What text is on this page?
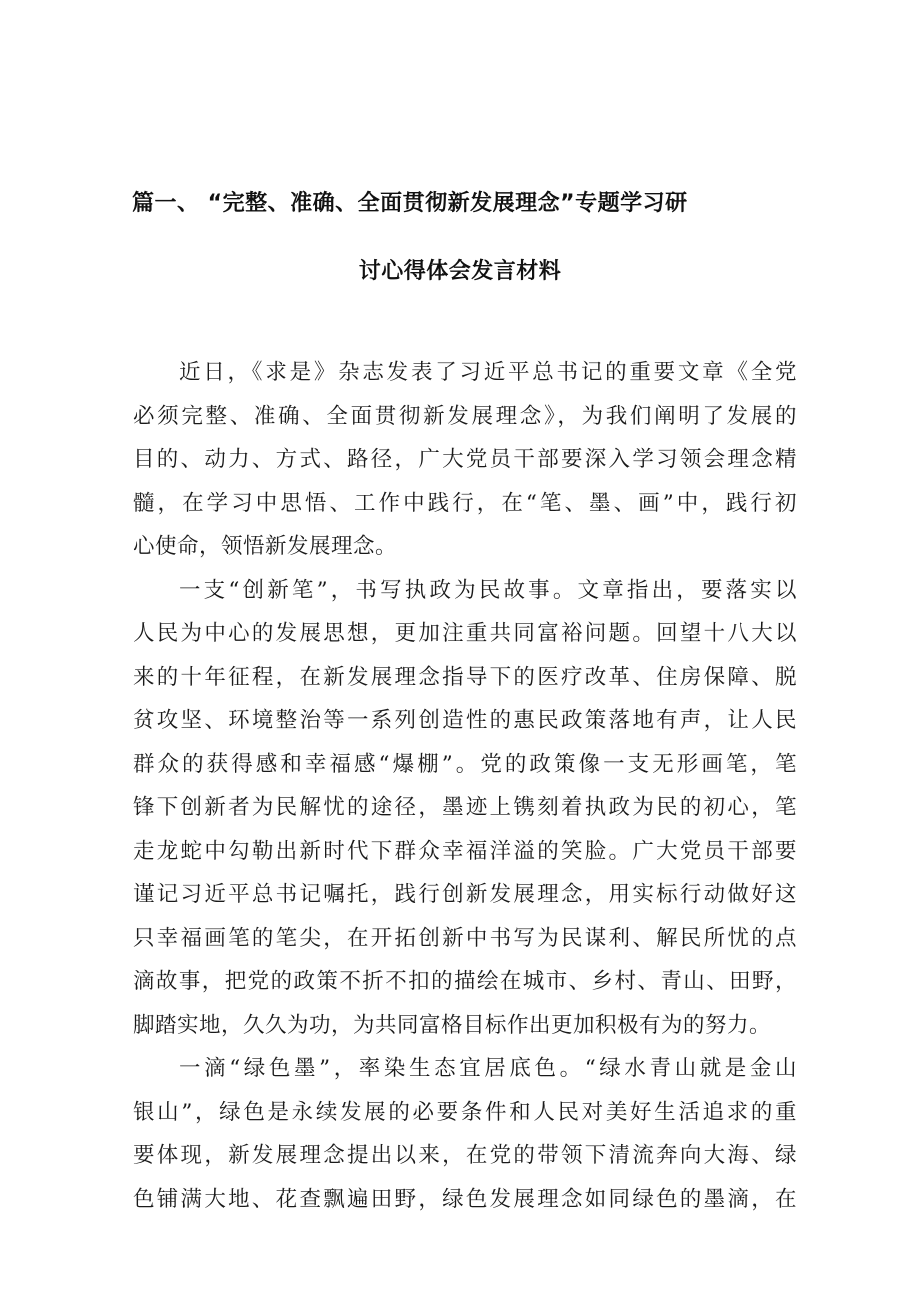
篇一、 “完整、准确、全面贯彻新发展理念”专题学习研
讨心得体会发言材料
近日，《求是》杂志发表了习近平总书记的重要文章《全党
必须完整、准确、全面贯彻新发展理念》，为我们阐明了发展的
目的、动力、方式、路径，广大党员干部要深入学习领会理念精
髓，在学习中思悟、工作中践行，在“笔、墨、画”中，践行初
心使命，领悟新发展理念。
一支“创新笔”，书写执政为民故事。文章指出，要落实以
人民为中心的发展思想，更加注重共同富裕问题。回望十八大以
来的十年征程，在新发展理念指导下的医疗改革、住房保障、脱
贫攻坚、环境整治等一系列创造性的惠民政策落地有声，让人民
群众的获得感和幸福感“爆棚”。党的政策像一支无形画笔，笔
锋下创新者为民解忧的途径，墨迹上镌刻着执政为民的初心，笔
走龙蛇中勾勒出新时代下群众幸福洋溢的笑脸。广大党员干部要
谨记习近平总书记嘱托，践行创新发展理念，用实标行动做好这
只幸福画笔的笔尖，在开拓创新中书写为民谋利、解民所忧的点
滴故事，把党的政策不折不扣的描绘在城市、乡村、青山、田野，
脚踏实地，久久为功，为共同富格目标作出更加积极有为的努力。
一滴“绿色墨”，率染生态宜居底色。“绿水青山就是金山
银山”，绿色是永续发展的必要条件和人民对美好生活追求的重
要体现，新发展理念提出以来，在党的带领下清流奔向大海、绿
色铺满大地、花查飘遍田野，绿色发展理念如同绿色的墨滴，在
